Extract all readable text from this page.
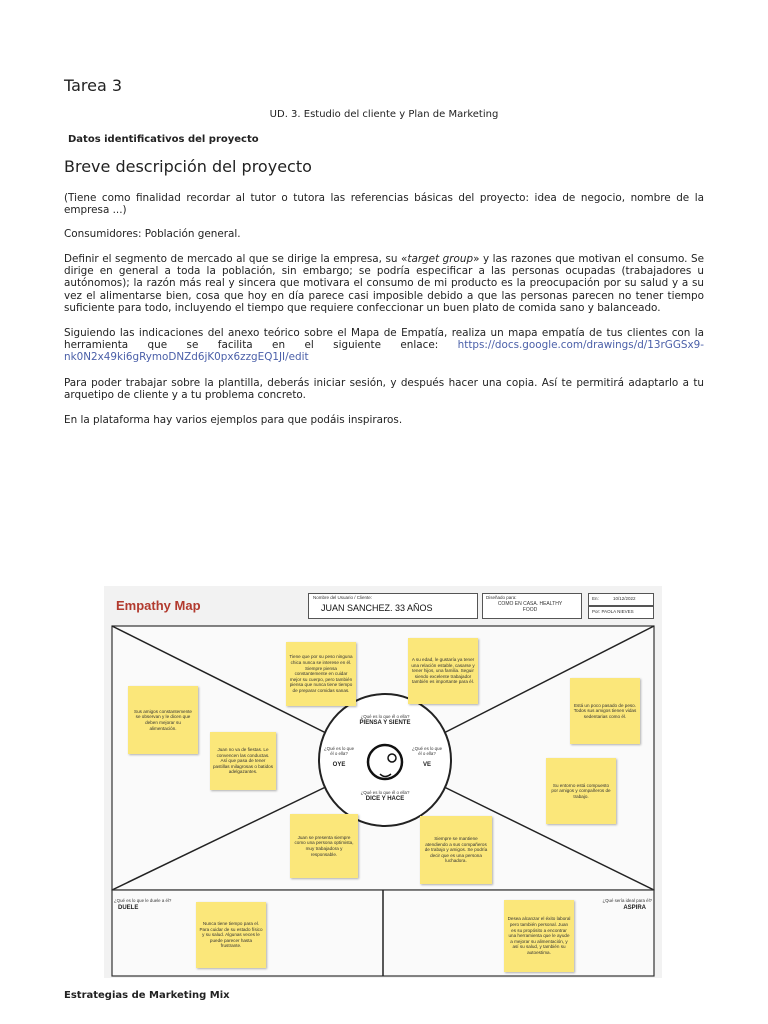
Tarea 3
UD. 3. Estudio del cliente y Plan de Marketing
Datos identificativos del proyecto
Breve descripción del proyecto
(Tiene como finalidad recordar al tutor o tutora las referencias básicas del proyecto: idea de negocio, nombre de la empresa ...)
Consumidores: Población general.
Definir el segmento de mercado al que se dirige la empresa, su «target group» y las razones que motivan el consumo. Se dirige en general a toda la población, sin embargo; se podría especificar a las personas ocupadas (trabajadores u autónomos); la razón más real y sincera que motivara el consumo de mi producto es la preocupación por su salud y a su vez el alimentarse bien, cosa que hoy en día parece casi imposible debido a que las personas parecen no tener tiempo suficiente para todo, incluyendo el tiempo que requiere confeccionar un buen plato de comida sano y balanceado.
Siguiendo las indicaciones del anexo teórico sobre el Mapa de Empatía, realiza un mapa empatía de tus clientes con la herramienta que se facilita en el siguiente enlace: https://docs.google.com/drawings/d/13rGGSx9-nk0N2x49ki6gRymoDNZd6jK0px6zzgEQ1JI/edit
Para poder trabajar sobre la plantilla, deberás iniciar sesión, y después hacer una copia. Así te permitirá adaptarlo a tu arquetipo de cliente y a tu problema concreto.
En la plataforma hay varios ejemplos para que podáis inspiraros.
Empathy Map
Nombre del Usuario / Cliente:
JUAN SANCHEZ. 33 AÑOS
Diseñado para:
COMO EN CASA. HEALTHY FOOD
En:	10/12/2022
Por: PAOLA NIEVES
¿Qué es lo que él o ella?
PIENSA Y SIENTE
¿Qué es lo que él o ella?
OYE
¿Qué es lo que él o ella?
VE
¿Qué es lo que él o ella?
DICE Y HACE
¿Qué es lo que le duele a él?
DUELE
¿Qué sería ideal para él?
ASPIRA
Tiene que por su peso ninguna chica nunca se interese en él. Siempre piensa constantemente en cuidar mejor su cuerpo, pero también piensa que nunca tiene tiempo de preparar comidas sanas.
A su edad, le gustaría ya tener una relación estable, casarse y tener hijos, una familia. Seguir siendo excelente trabajador también es importante para él.
Sus amigos constantemente se observan y le dicen que deben mejorar su alimentación.
Juan no va de fiestas. Le convencen las conductas. Así que pasa de tener pastillas milagrosas o batidos adelgazantes.
Está un poco pasado de peso. Todos sus amigos tienen vidas sedentarias como él.
Su entorno está compuesto por amigos y compañeros de trabajo.
Juan se presenta siempre como una persona optimista, muy trabajadora y responsable.
Siempre se mantiene atendiendo a sus compañeros de trabajo y amigos. Se podría decir que es una persona luchadora.
Nunca tiene tiempo para el. Para cuidar de su estado físico y su salud. Algunas veces le puede parecer hasta frustrante.
Desea alcanzar el éxito laboral pero también personal. Juan es su propósito a encontrar una herramienta que le ayude a mejorar su alimentación, y así su salud, y también su autoestima.
Estrategias de Marketing Mix
